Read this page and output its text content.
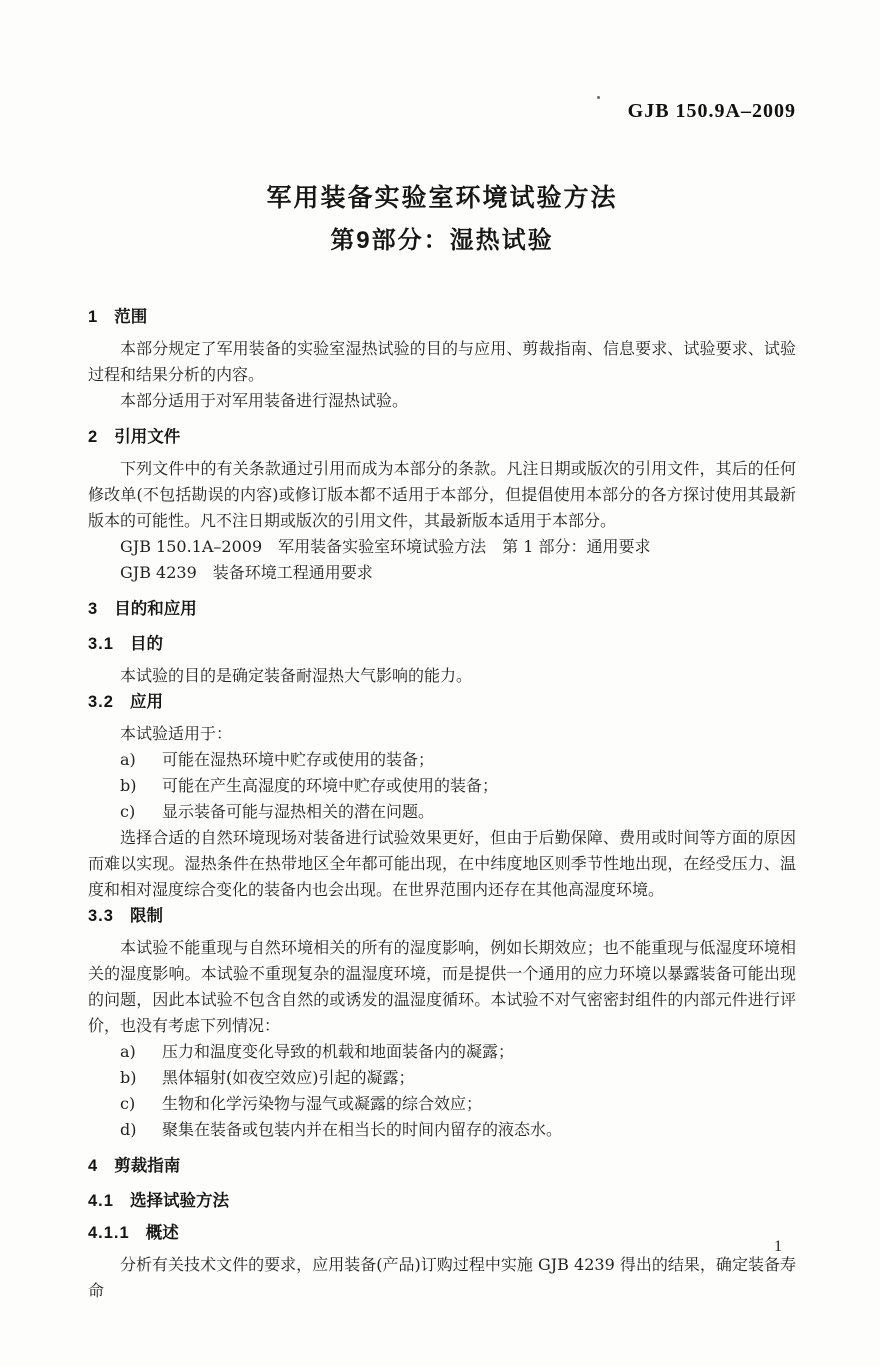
GJB 150.9A–2009
军用装备实验室环境试验方法
第9部分：湿热试验
1 范围

本部分规定了军用装备的实验室湿热试验的目的与应用、剪裁指南、信息要求、试验要求、试验过程和结果分析的内容。

本部分适用于对军用装备进行湿热试验。

2 引用文件

下列文件中的有关条款通过引用而成为本部分的条款。凡注日期或版次的引用文件，其后的任何修改单(不包括勘误的内容)或修订版本都不适用于本部分，但提倡使用本部分的各方探讨使用其最新版本的可能性。凡不注日期或版次的引用文件，其最新版本适用于本部分。

GJB 150.1A–2009　军用装备实验室环境试验方法　第 1 部分：通用要求

GJB 4239　装备环境工程通用要求

3 目的和应用
3.1 目的

本试验的目的是确定装备耐湿热大气影响的能力。

3.2 应用

本试验适用于：

a) 可能在湿热环境中贮存或使用的装备；
b) 可能在产生高湿度的环境中贮存或使用的装备；
c) 显示装备可能与湿热相关的潜在问题。

选择合适的自然环境现场对装备进行试验效果更好，但由于后勤保障、费用或时间等方面的原因而难以实现。湿热条件在热带地区全年都可能出现，在中纬度地区则季节性地出现，在经受压力、温度和相对湿度综合变化的装备内也会出现。在世界范围内还存在其他高湿度环境。

3.3 限制

本试验不能重现与自然环境相关的所有的湿度影响，例如长期效应；也不能重现与低湿度环境相关的湿度影响。本试验不重现复杂的温湿度环境，而是提供一个通用的应力环境以暴露装备可能出现的问题，因此本试验不包含自然的或诱发的温湿度循环。本试验不对气密密封组件的内部元件进行评价，也没有考虑下列情况：

a) 压力和温度变化导致的机载和地面装备内的凝露；
b) 黑体辐射(如夜空效应)引起的凝露；
c) 生物和化学污染物与湿气或凝露的综合效应；
d) 聚集在装备或包装内并在相当长的时间内留存的液态水。
4 剪裁指南
4.1 选择试验方法
4.1.1 概述

分析有关技术文件的要求，应用装备(产品)订购过程中实施 GJB 4239 得出的结果，确定装备寿命

1
